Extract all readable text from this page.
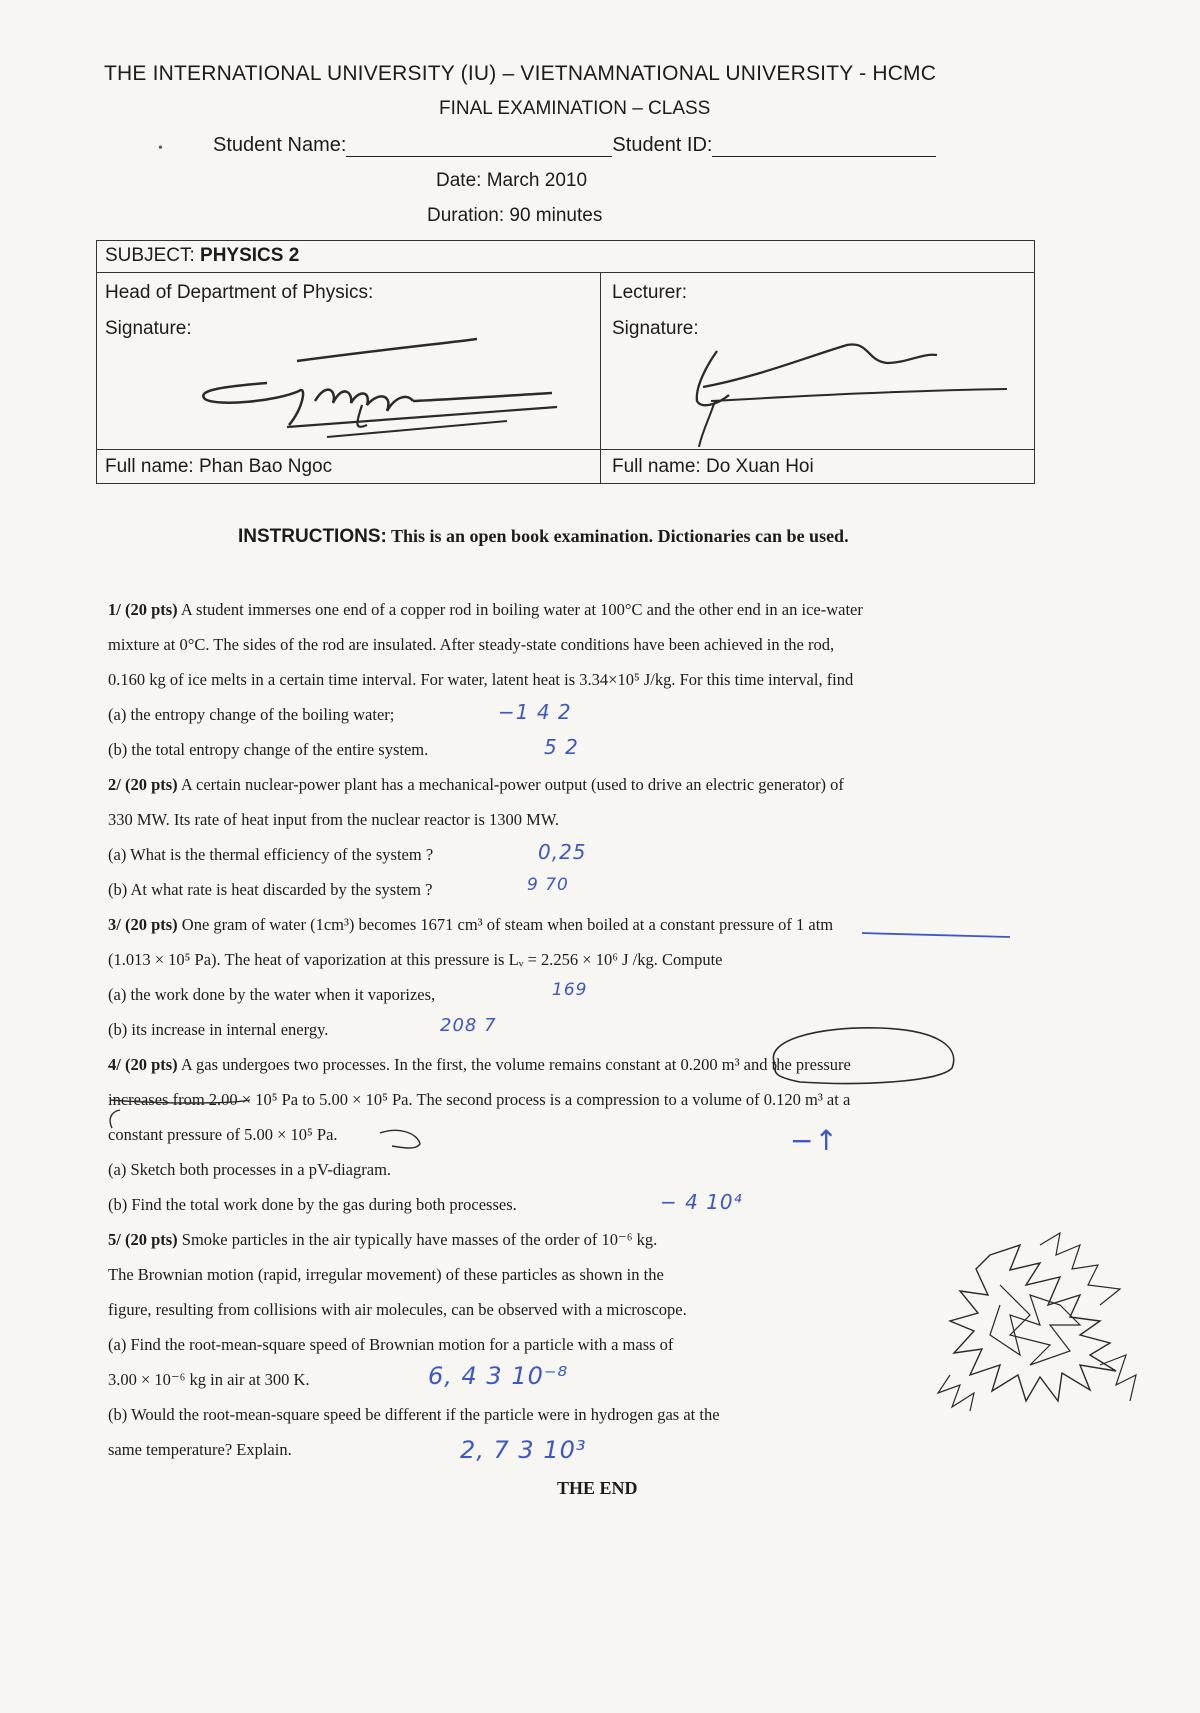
THE INTERNATIONAL UNIVERSITY (IU) – VIETNAMNATIONAL UNIVERSITY - HCMC
FINAL EXAMINATION – CLASS
•	Student Name:	Student ID:
Date: March 2010
Duration: 90 minutes
SUBJECT: PHYSICS 2
Head of Department of Physics:
Signature:
Full name: Phan Bao Ngoc
Lecturer:
Signature:
Full name: Do Xuan Hoi
INSTRUCTIONS: This is an open book examination. Dictionaries can be used.
1/ (20 pts) A student immerses one end of a copper rod in boiling water at 100°C and the other end in an ice-water
mixture at 0°C. The sides of the rod are insulated. After steady-state conditions have been achieved in the rod,
0.160 kg of ice melts in a certain time interval. For water, latent heat is 3.34×10⁵ J/kg. For this time interval, find
(a) the entropy change of the boiling water;
(b) the total entropy change of the entire system.
2/ (20 pts) A certain nuclear-power plant has a mechanical-power output (used to drive an electric generator) of
330 MW. Its rate of heat input from the nuclear reactor is 1300 MW.
(a) What is the thermal efficiency of the system ?
(b) At what rate is heat discarded by the system ?
3/ (20 pts) One gram of water (1cm³) becomes 1671 cm³ of steam when boiled at a constant pressure of 1 atm
(1.013 × 10⁵ Pa). The heat of vaporization at this pressure is Lᵥ = 2.256 × 10⁶ J /kg. Compute
(a) the work done by the water when it vaporizes,
(b) its increase in internal energy.
4/ (20 pts) A gas undergoes two processes. In the first, the volume remains constant at 0.200 m³ and the pressure
increases from 2.00 × 10⁵ Pa to 5.00 × 10⁵ Pa. The second process is a compression to a volume of 0.120 m³ at a
constant pressure of 5.00 × 10⁵ Pa.
(a) Sketch both processes in a pV-diagram.
(b) Find the total work done by the gas during both processes.
5/ (20 pts) Smoke particles in the air typically have masses of the order of 10⁻⁶ kg.
The Brownian motion (rapid, irregular movement) of these particles as shown in the
figure, resulting from collisions with air molecules, can be observed with a microscope.
(a) Find the root-mean-square speed of Brownian motion for a particle with a mass of
3.00 × 10⁻⁶ kg in air at 300 K.
(b) Would the root-mean-square speed be different if the particle were in hydrogen gas at the
same temperature? Explain.
−1 4 2
5 2
0,25
9 70
169
208 7
−↑
− 4 10⁴
6, 4 3 10⁻⁸
2, 7 3 10³
THE END
